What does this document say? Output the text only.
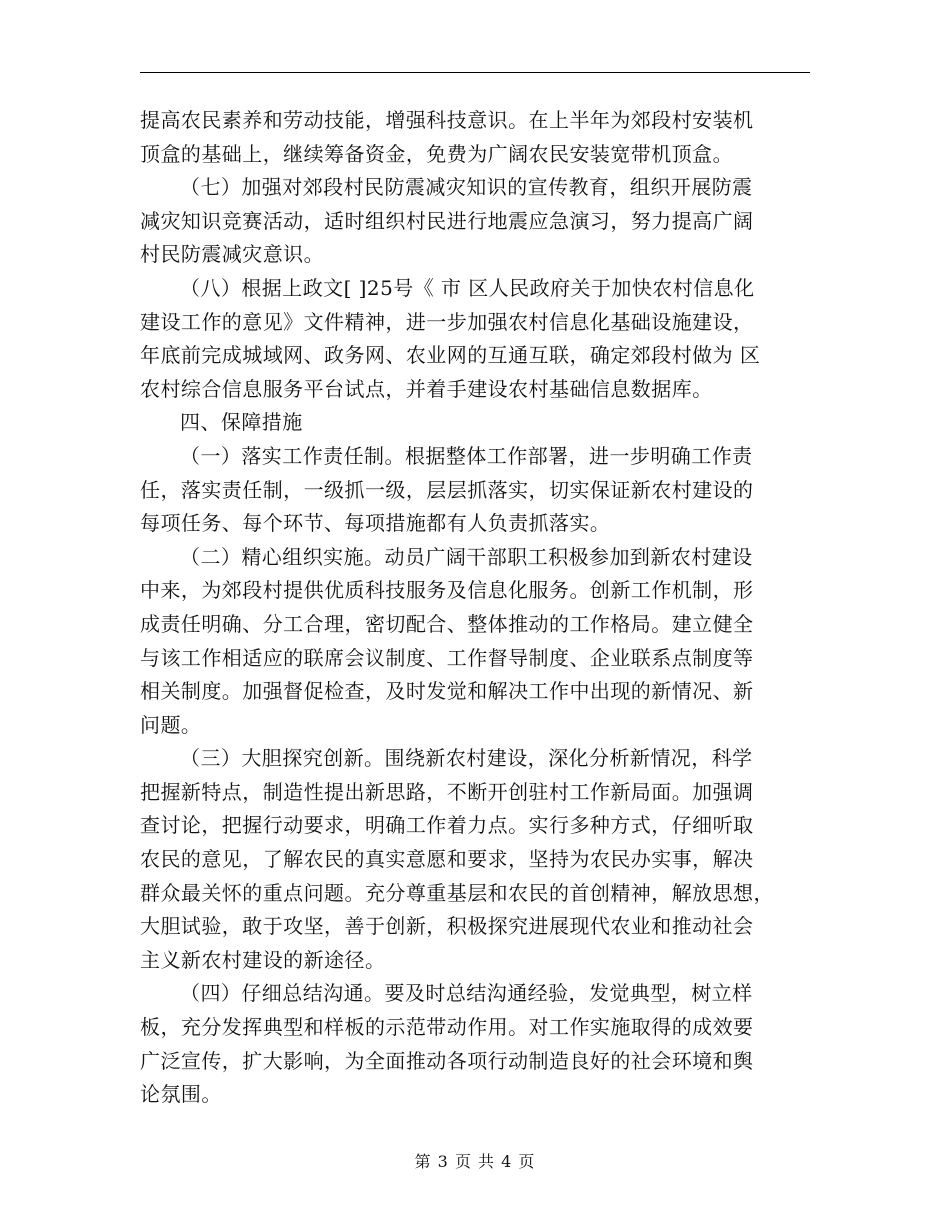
提高农民素养和劳动技能，增强科技意识。在上半年为郊段村安装机
顶盒的基础上，继续筹备资金，免费为广阔农民安装宽带机顶盒。
（七）加强对郊段村民防震减灾知识的宣传教育，组织开展防震
减灾知识竞赛活动，适时组织村民进行地震应急演习，努力提高广阔
村民防震减灾意识。
（八）根据上政文[ ]25号《 市 区人民政府关于加快农村信息化
建设工作的意见》文件精神，进一步加强农村信息化基础设施建设，
年底前完成城域网、政务网、农业网的互通互联，确定郊段村做为 区
农村综合信息服务平台试点，并着手建设农村基础信息数据库。
四、保障措施
（一）落实工作责任制。根据整体工作部署，进一步明确工作责
任，落实责任制，一级抓一级，层层抓落实，切实保证新农村建设的
每项任务、每个环节、每项措施都有人负责抓落实。
（二）精心组织实施。动员广阔干部职工积极参加到新农村建设
中来，为郊段村提供优质科技服务及信息化服务。创新工作机制，形
成责任明确、分工合理，密切配合、整体推动的工作格局。建立健全
与该工作相适应的联席会议制度、工作督导制度、企业联系点制度等
相关制度。加强督促检查，及时发觉和解决工作中出现的新情况、新
问题。
（三）大胆探究创新。围绕新农村建设，深化分析新情况，科学
把握新特点，制造性提出新思路，不断开创驻村工作新局面。加强调
查讨论，把握行动要求，明确工作着力点。实行多种方式，仔细听取
农民的意见，了解农民的真实意愿和要求，坚持为农民办实事，解决
群众最关怀的重点问题。充分尊重基层和农民的首创精神，解放思想，
大胆试验，敢于攻坚，善于创新，积极探究进展现代农业和推动社会
主义新农村建设的新途径。
（四）仔细总结沟通。要及时总结沟通经验，发觉典型，树立样
板，充分发挥典型和样板的示范带动作用。对工作实施取得的成效要
广泛宣传，扩大影响，为全面推动各项行动制造良好的社会环境和舆
论氛围。
第 3 页 共 4 页
